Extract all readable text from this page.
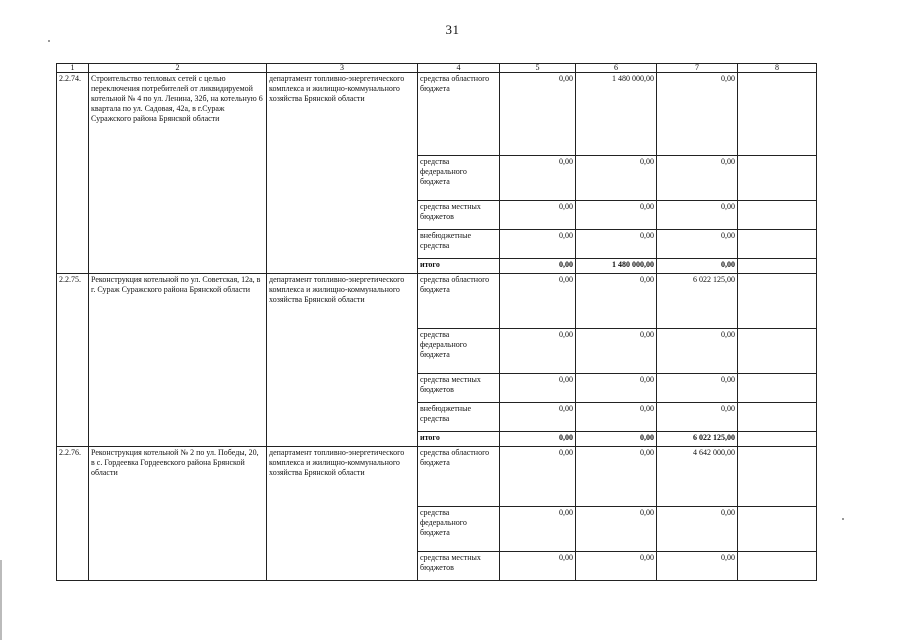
31
1	2	3	4	5	6	7	8
2.2.74.	Строительство тепловых сетей с целью переключения потребителей от ликвидируемой котельной № 4 по ул. Ленина, 32б, на котельную 6 квартала по ул. Садовая, 42а, в г.Сураж Суражского района Брянской области	департамент топливно-энергетического комплекса и жилищно-коммунального хозяйства Брянской области	средства областного бюджета	0,00	1 480 000,00	0,00	
			средства федерального бюджета	0,00	0,00	0,00	
			средства местных бюджетов	0,00	0,00	0,00	
			внебюджетные средства	0,00	0,00	0,00	
			итого	0,00	1 480 000,00	0,00	
2.2.75.	Реконструкция котельной по ул. Советская, 12а, в г. Сураж Суражского района Брянской области	департамент топливно-энергетического комплекса и жилищно-коммунального хозяйства Брянской области	средства областного бюджета	0,00	0,00	6 022 125,00	
			средства федерального бюджета	0,00	0,00	0,00	
			средства местных бюджетов	0,00	0,00	0,00	
			внебюджетные средства	0,00	0,00	0,00	
			итого	0,00	0,00	6 022 125,00	
2.2.76.	Реконструкция котельной № 2 по ул. Победы, 20, в с. Гордеевка Гордеевского района Брянской области	департамент топливно-энергетического комплекса и жилищно-коммунального хозяйства Брянской области	средства областного бюджета	0,00	0,00	4 642 000,00	
			средства федерального бюджета	0,00	0,00	0,00	
			средства местных бюджетов	0,00	0,00	0,00	
